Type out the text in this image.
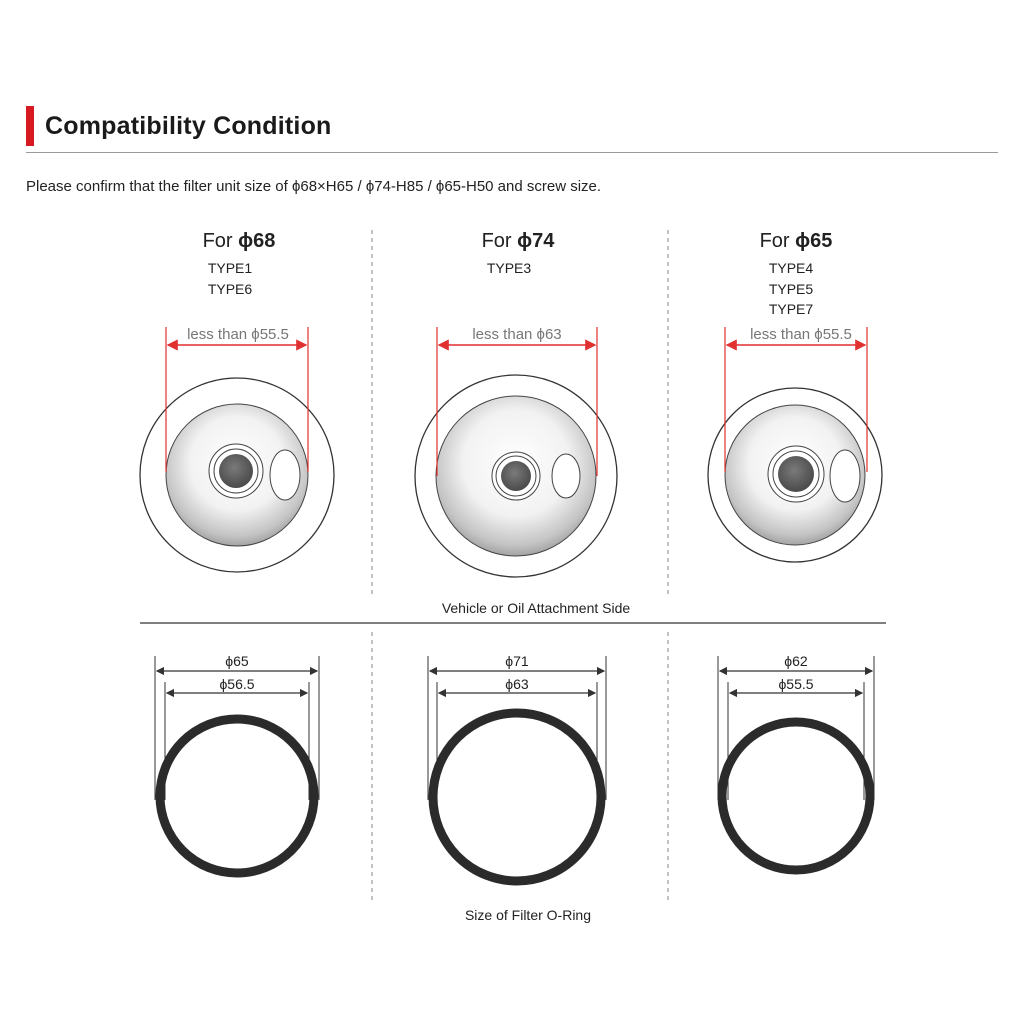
Compatibility Condition

Please confirm that the filter unit size of ϕ68×H65 / ϕ74-H85 / ϕ65-H50 and screw size.

For ϕ68
TYPE1
TYPE6
For ϕ74
TYPE3
For ϕ65
TYPE4
TYPE5
TYPE7
less than ϕ55.5	less than ϕ63	less than ϕ55.5
Vehicle or Oil Attachment Side
ϕ65
ϕ56.5
ϕ71
ϕ63
ϕ62
ϕ55.5
Size of Filter O-Ring
